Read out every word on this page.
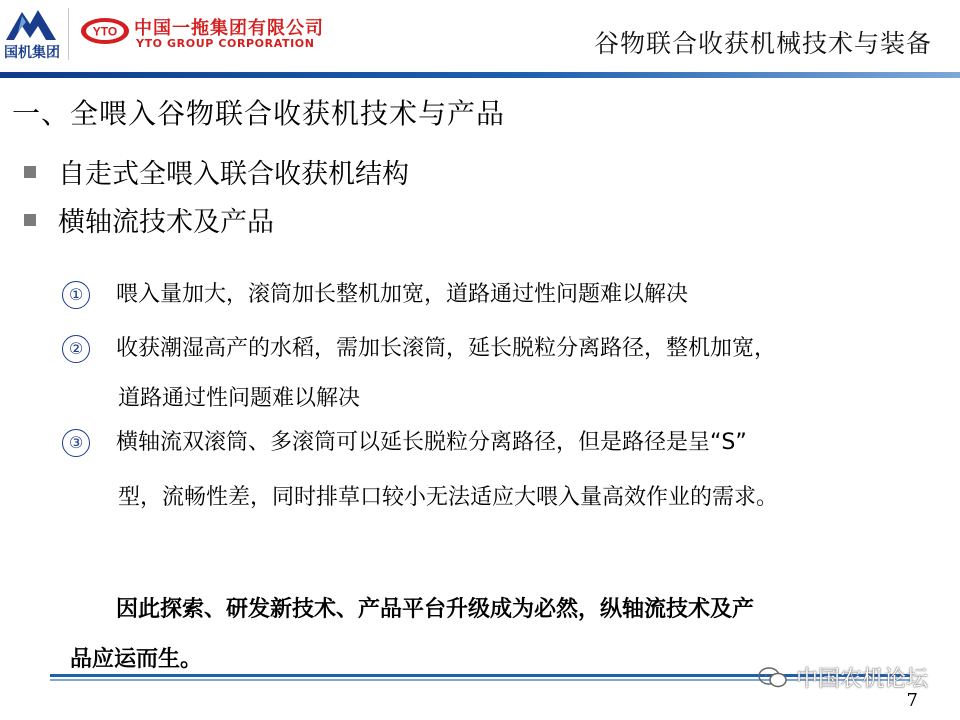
国机集团
YTO 中国一拖集团有限公司
YTO GROUP CORPORATION	谷物联合收获机械技术与装备
一、全喂入谷物联合收获机技术与产品
自走式全喂入联合收获机结构
横轴流技术及产品
① 喂入量加大，滚筒加长整机加宽，道路通过性问题难以解决
② 收获潮湿高产的水稻，需加长滚筒，延长脱粒分离路径，整机加宽，
道路通过性问题难以解决
③ 横轴流双滚筒、多滚筒可以延长脱粒分离路径，但是路径是呈“S”
型，流畅性差，同时排草口较小无法适应大喂入量高效作业的需求。
因此探索、研发新技术、产品平台升级成为必然，纵轴流技术及产
品应运而生。
中国农机论坛
7
